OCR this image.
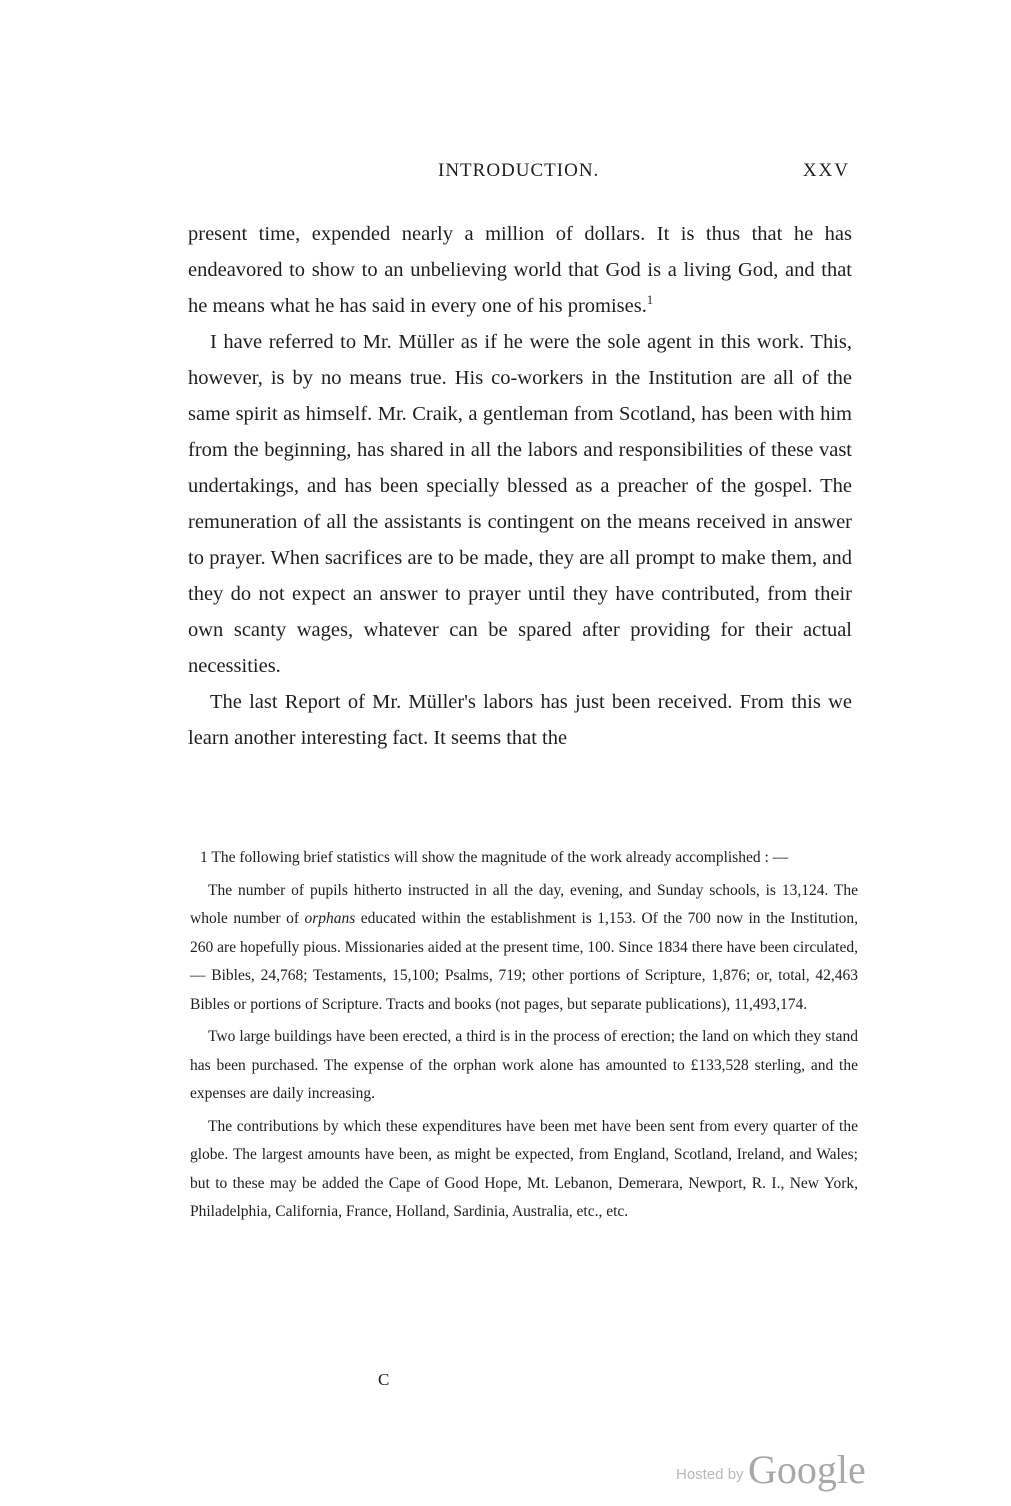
INTRODUCTION.	XXV

present time, expended nearly a million of dollars. It is thus that he has endeavored to show to an unbelieving world that God is a living God, and that he means what he has said in every one of his promises.$^1$

I have referred to Mr. Müller as if he were the sole agent in this work. This, however, is by no means true. His co-workers in the Institution are all of the same spirit as himself. Mr. Craik, a gentleman from Scotland, has been with him from the beginning, has shared in all the labors and responsibilities of these vast undertakings, and has been specially blessed as a preacher of the gospel. The remuneration of all the assistants is contingent on the means received in answer to prayer. When sacrifices are to be made, they are all prompt to make them, and they do not expect an answer to prayer until they have contributed, from their own scanty wages, whatever can be spared after providing for their actual necessities.

The last Report of Mr. Müller's labors has just been received. From this we learn another interesting fact. It seems that the

1 The following brief statistics will show the magnitude of the work already accomplished : —

The number of pupils hitherto instructed in all the day, evening, and Sunday schools, is 13,124. The whole number of orphans educated within the establishment is 1,153. Of the 700 now in the Institution, 260 are hopefully pious. Missionaries aided at the present time, 100. Since 1834 there have been circulated, — Bibles, 24,768; Testaments, 15,100; Psalms, 719; other portions of Scripture, 1,876; or, total, 42,463 Bibles or portions of Scripture. Tracts and books (not pages, but separate publications), 11,493,174.

Two large buildings have been erected, a third is in the process of erection; the land on which they stand has been purchased. The expense of the orphan work alone has amounted to £133,528 sterling, and the expenses are daily increasing.

The contributions by which these expenditures have been met have been sent from every quarter of the globe. The largest amounts have been, as might be expected, from England, Scotland, Ireland, and Wales; but to these may be added the Cape of Good Hope, Mt. Lebanon, Demerara, Newport, R. I., New York, Philadelphia, California, France, Holland, Sardinia, Australia, etc., etc.

C
Hosted by Google
